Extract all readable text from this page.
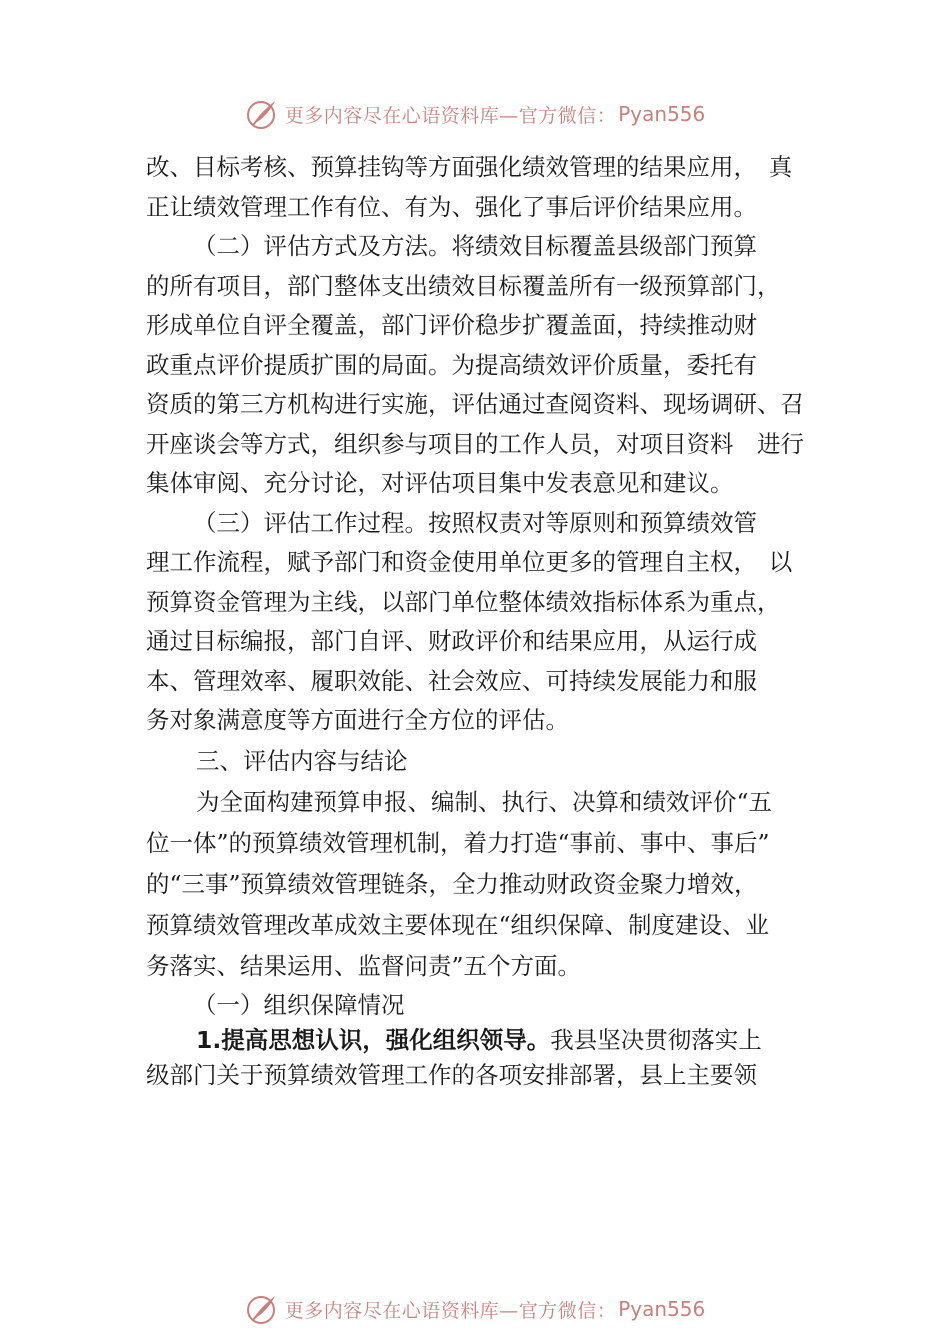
更多内容尽在心语资料库—官方微信： Pyan556
改、目标考核、预算挂钩等方面强化绩效管理的结果应用，　真
正让绩效管理工作有位、有为、强化了事后评价结果应用。
（二）评估方式及方法。将绩效目标覆盖县级部门预算
的所有项目，部门整体支出绩效目标覆盖所有一级预算部门，
形成单位自评全覆盖，部门评价稳步扩覆盖面，持续推动财
政重点评价提质扩围的局面。为提高绩效评价质量，委托有
资质的第三方机构进行实施，评估通过查阅资料、现场调研、召
开座谈会等方式，组织参与项目的工作人员，对项目资料　进行
集体审阅、充分讨论，对评估项目集中发表意见和建议。
（三）评估工作过程。按照权责对等原则和预算绩效管
理工作流程，赋予部门和资金使用单位更多的管理自主权，　以
预算资金管理为主线，以部门单位整体绩效指标体系为重点，
通过目标编报，部门自评、财政评价和结果应用，从运行成
本、管理效率、履职效能、社会效应、可持续发展能力和服
务对象满意度等方面进行全方位的评估。
三、评估内容与结论
为全面构建预算申报、编制、执行、决算和绩效评价“五
位一体”的预算绩效管理机制，着力打造“事前、事中、事后”
的“三事”预算绩效管理链条，全力推动财政资金聚力增效，
预算绩效管理改革成效主要体现在“组织保障、制度建设、业
务落实、结果运用、监督问责”五个方面。
（一）组织保障情况
1.提高思想认识，强化组织领导。我县坚决贯彻落实上
级部门关于预算绩效管理工作的各项安排部署，县上主要领
更多内容尽在心语资料库—官方微信： Pyan556
